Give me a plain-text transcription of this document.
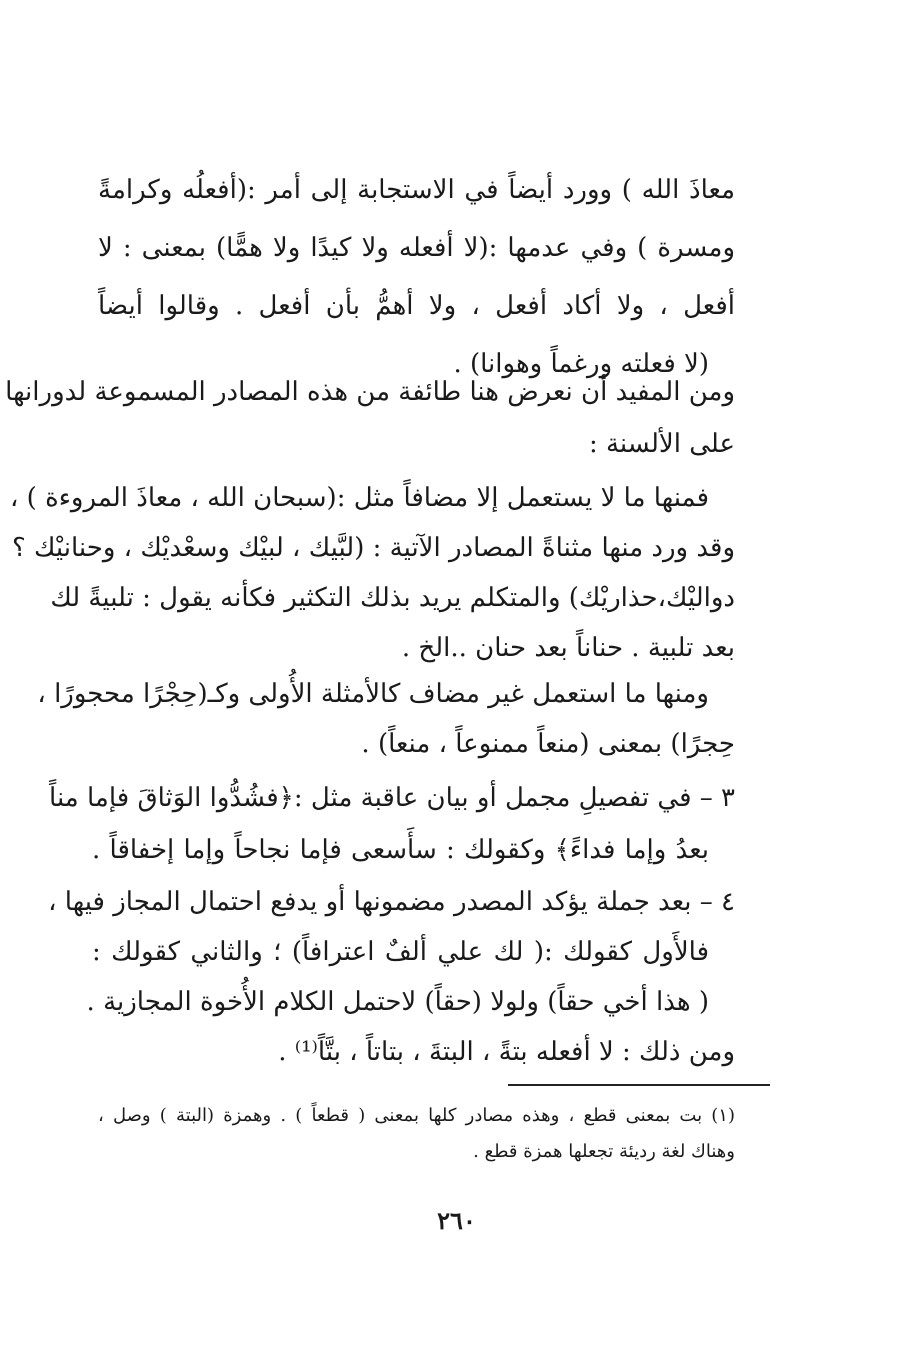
معاذَ الله ) وورد أيضاً في الاستجابة إلى أمر :(أفعلُه وكرامةً
ومسرة ) وفي عدمها :(لا أفعله ولا كيدًا ولا همًّا) بمعنى : لا
أفعل ، ولا أكاد أفعل ، ولا أهمُّ بأن أفعل . وقالوا أيضاً
(لا فعلته ورغماً وهوانا) .
ومن المفيد أن نعرض هنا طائفة من هذه المصادر المسموعة لدورانها
على الألسنة :
فمنها ما لا يستعمل إلا مضافاً مثل :(سبحان الله ، معاذَ المروءة ) ،
وقد ورد منها مثناةً المصادر الآتية : (لبَّيك ، لبيْك وسعْديْك ، وحنانيْك ؟
دواليْك،حذاريْك) والمتكلم يريد بذلك التكثير فكأنه يقول : تلبيةً لك
بعد تلبية . حناناً بعد حنان ..الخ .
ومنها ما استعمل غير مضاف كالأمثلة الأُولى وكـ(حِجْرًا محجورًا ،
حِجرًا) بمعنى (منعاً ممنوعاً ، منعاً) .
٣ – في تفصيلِ مجمل أو بيان عاقبة مثل :﴿فشُدُّوا الوَثاقَ فإما مناً
بعدُ وإما فداءً﴾ وكقولك : سأَسعى فإما نجاحاً وإما إخفاقاً .
٤ – بعد جملة يؤكد المصدر مضمونها أو يدفع احتمال المجاز فيها ،
فالأَول كقولك :( لك علي ألفٌ اعترافاً) ؛ والثاني كقولك :
( هذا أخي حقاً) ولولا (حقاً) لاحتمل الكلام الأُخوة المجازية .
ومن ذلك : لا أفعله بتةً ، البتةَ ، بتاتاً ، بتَّاً⁽¹⁾ .
(١) بت بمعنى قطع ، وهذه مصادر كلها بمعنى ( قطعاً ) . وهمزة (البتة ) وصل ،
وهناك لغة رديئة تجعلها همزة قطع .
٢٦٠
